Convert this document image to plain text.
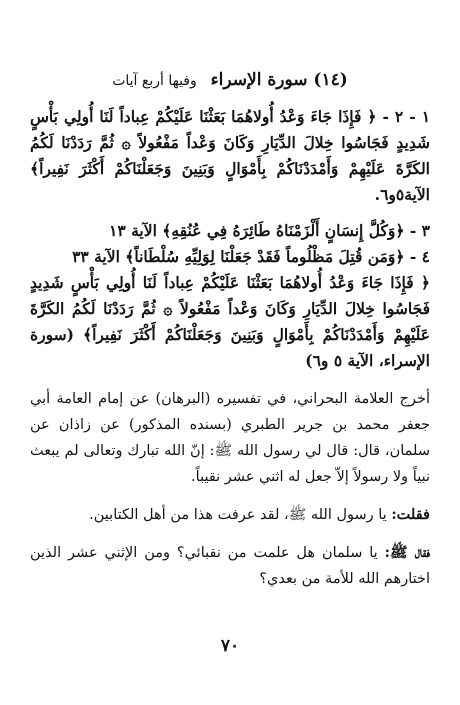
(١٤) سورة الإسراء وفيها أربع آيات

١ - ٢ - ﴿ فَإِذَا جَاءَ وَعْدُ أُولاهُمَا بَعَثْنَا عَلَيْكُمْ عِباداً لَنَا أُولِي بَأْسٍ شَدِيدٍ فَجَاسُوا خِلالَ الدِّيَارِ وَكَانَ وَعْداً مَفْعُولاً ۞ ثُمَّ رَدَدْنَا لَكُمُ الكَرَّةَ عَلَيْهِمْ وَأَمْدَدْنَاكُمْ بِأَمْوَالٍ وَبَنِينَ وَجَعَلْنَاكُمْ أَكْثَرَ نَفِيراً﴾ الآية٥و٦.

٣ - ﴿وَكُلَّ إِنسَانٍ أَلْزَمْنَاهُ طَائِرَهُ فِي عُنُقِهِ﴾ الآية ١٣

٤ - ﴿وَمَن قُتِلَ مَظْلُوماً فَقَدْ جَعَلْنَا لِوَلِيِّهِ سُلْطَاناً﴾ الآية ٣٣

﴿ فَإِذَا جَاءَ وَعْدُ أُولاهُمَا بَعَثْنَا عَلَيْكُمْ عِباداً لَنَا أُولِي بَأْسٍ شَدِيدٍ فَجَاسُوا خِلالَ الدِّيَارِ وَكَانَ وَعْداً مَفْعُولاً ۞ ثُمَّ رَدَدْنَا لَكُمُ الكَرَّةَ عَلَيْهِمْ وَأَمْدَدْنَاكُمْ بِأَمْوَالٍ وَبَنِينَ وَجَعَلْنَاكُمْ أَكْثَرَ نَفِيراً﴾ (سورة الإسراء، الآية ٥ و٦)

أخرج العلامة البحراني، في تفسيره (البرهان) عن إمام العامة أبي جعفر محمد بن جرير الطبري (بسنده المذكور) عن زاذان عن سلمان، قال: قال لي رسول الله ﷺ: إنّ الله تبارك وتعالى لم يبعث نبياً ولا رسولاً إلاّ جعل له اثني عشر نقيباً.

فقلت: يا رسول الله ﷺ، لقد عرفت هذا من أهل الكتابين.

فقال ﷺ: يا سلمان هل علمت من نقبائي؟ ومن الإثني عشر الذين اختارهم الله للأمة من بعدي؟

٧٠
